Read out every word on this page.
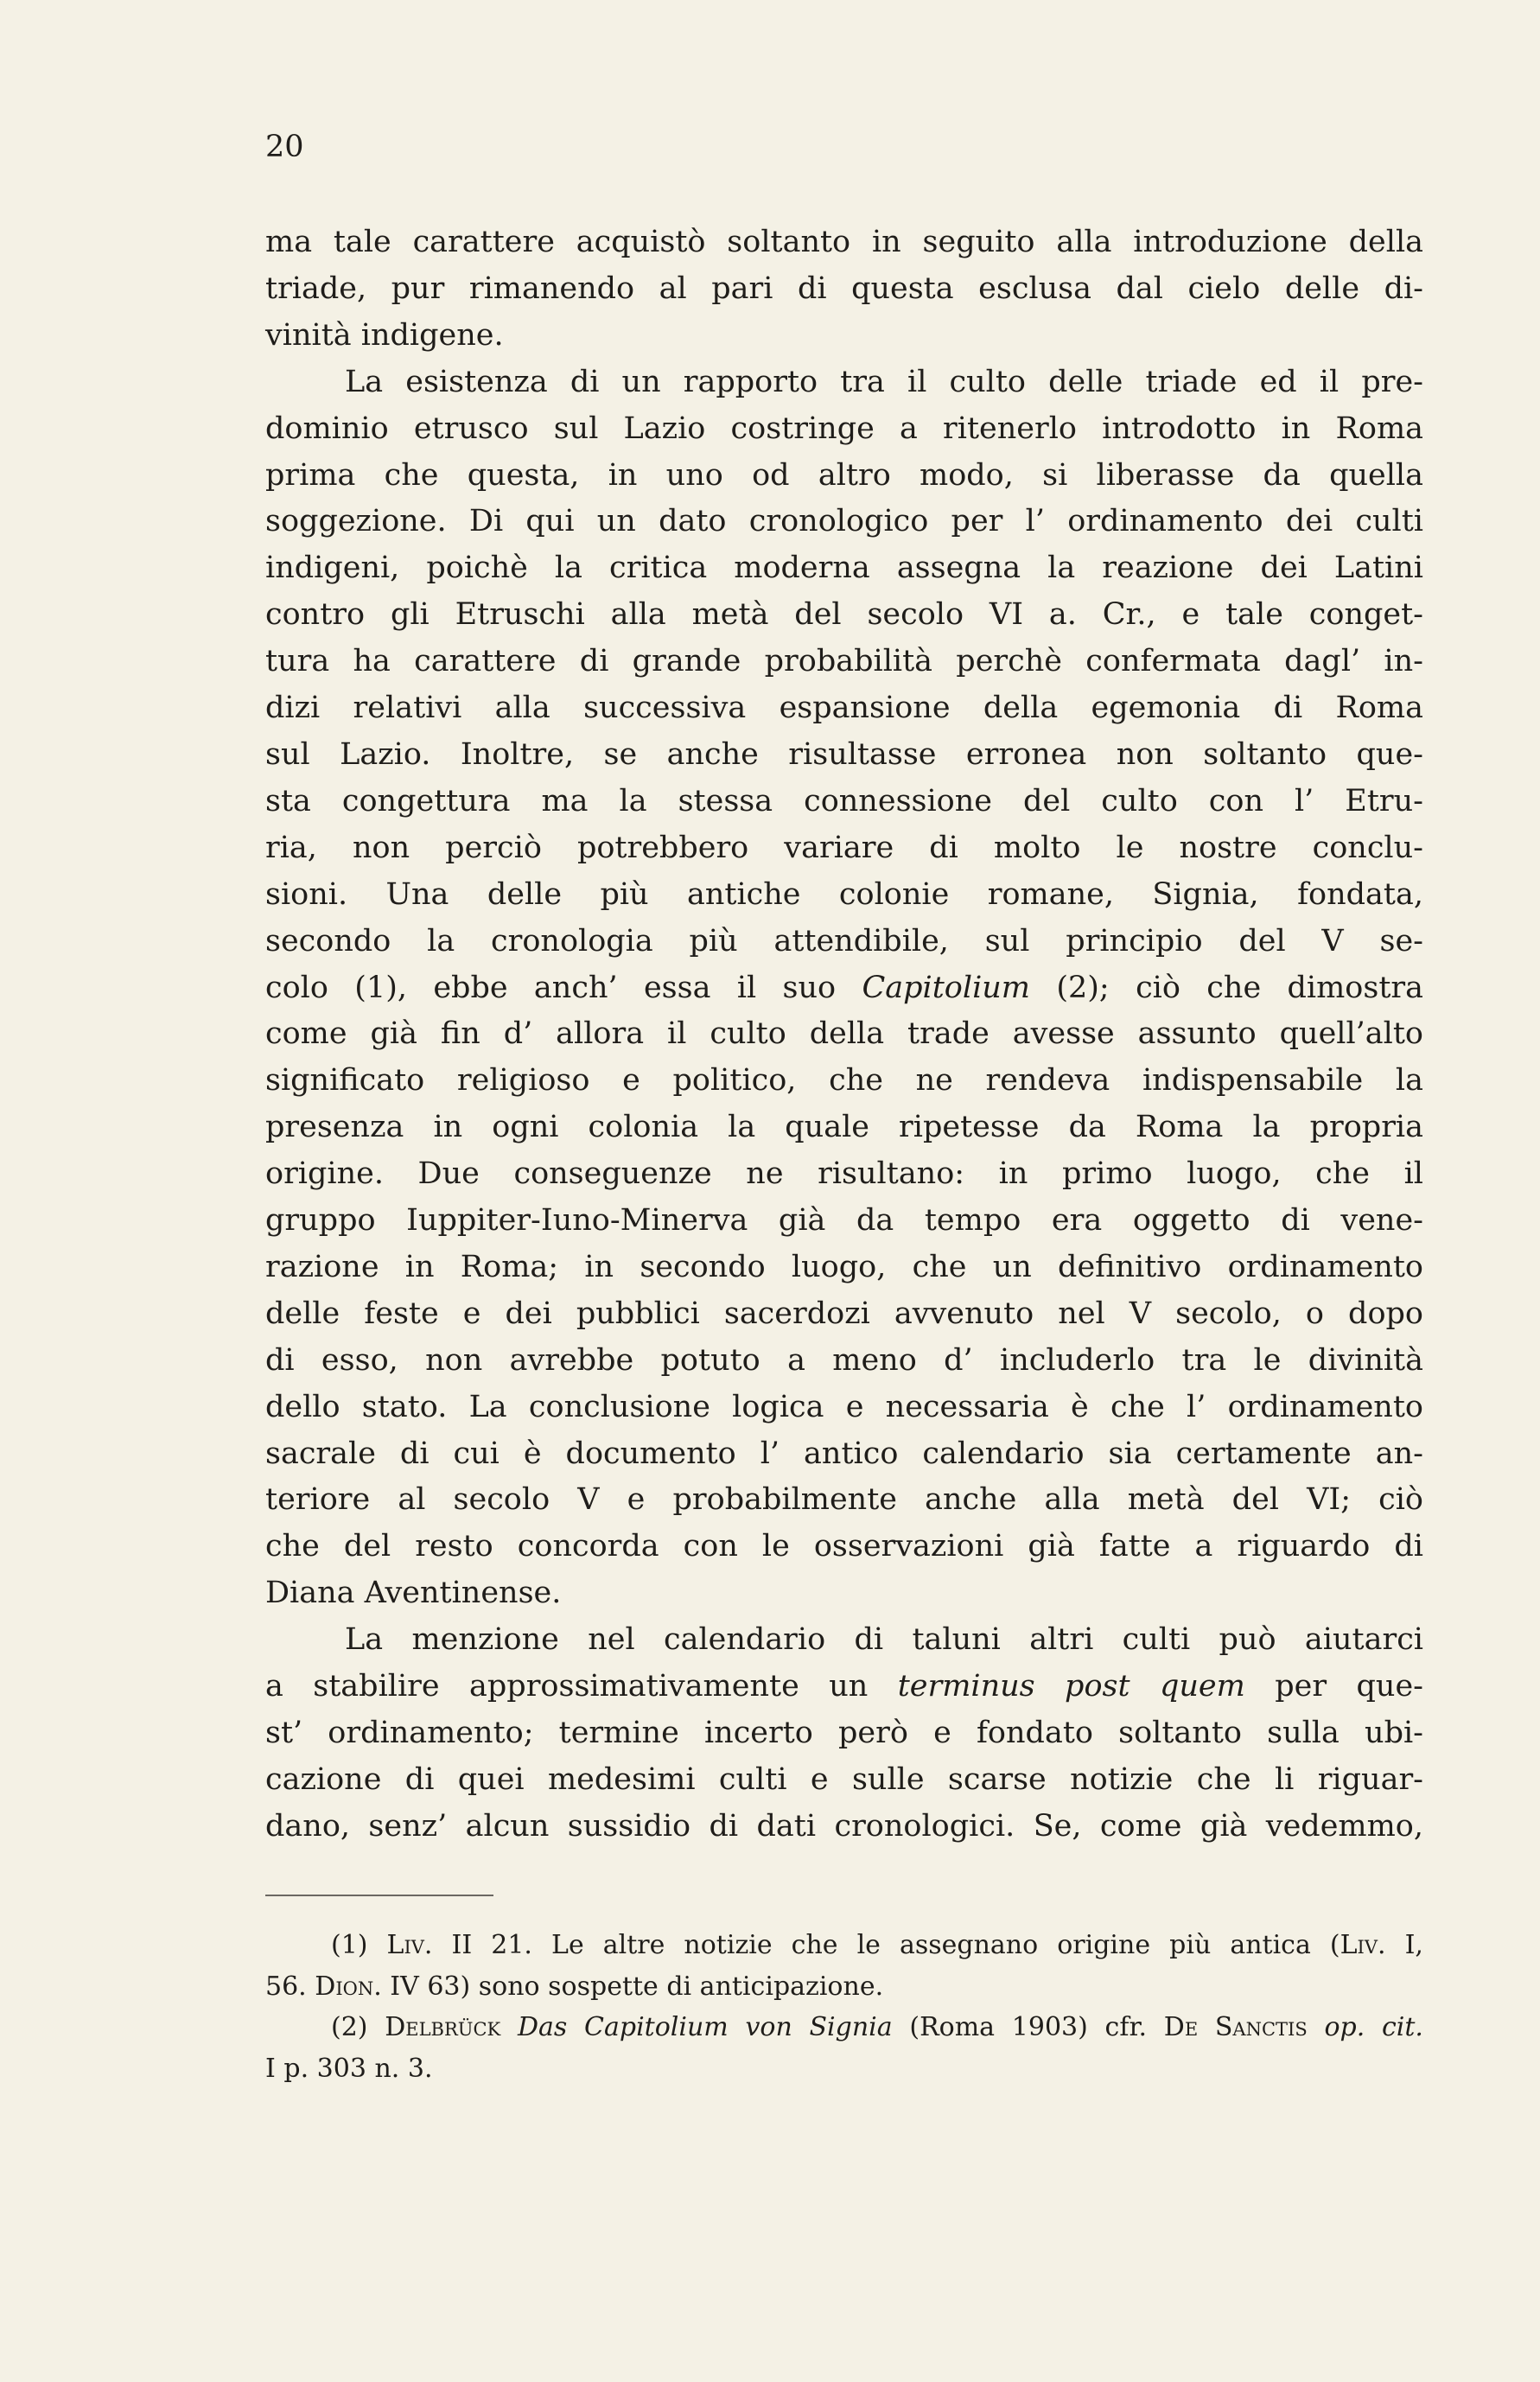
20
ma tale carattere acquistò soltanto in seguito alla introduzione della
triade, pur rimanendo al pari di questa esclusa dal cielo delle di-
vinità indigene.
La esistenza di un rapporto tra il culto delle triade ed il pre-
dominio etrusco sul Lazio costringe a ritenerlo introdotto in Roma
prima che questa, in uno od altro modo, si liberasse da quella
soggezione. Di qui un dato cronologico per l’ ordinamento dei culti
indigeni, poichè la critica moderna assegna la reazione dei Latini
contro gli Etruschi alla metà del secolo VI a. Cr., e tale conget-
tura ha carattere di grande probabilità perchè confermata dagl’ in-
dizi relativi alla successiva espansione della egemonia di Roma
sul Lazio. Inoltre, se anche risultasse erronea non soltanto que-
sta congettura ma la stessa connessione del culto con l’ Etru-
ria, non perciò potrebbero variare di molto le nostre conclu-
sioni. Una delle più antiche colonie romane, Signia, fondata,
secondo la cronologia più attendibile, sul principio del V se-
colo (1), ebbe anch’ essa il suo Capitolium (2); ciò che dimostra
come già fin d’ allora il culto della trade avesse assunto quell’alto
significato religioso e politico, che ne rendeva indispensabile la
presenza in ogni colonia la quale ripetesse da Roma la propria
origine. Due conseguenze ne risultano: in primo luogo, che il
gruppo Iuppiter-Iuno-Minerva già da tempo era oggetto di vene-
razione in Roma; in secondo luogo, che un definitivo ordinamento
delle feste e dei pubblici sacerdozi avvenuto nel V secolo, o dopo
di esso, non avrebbe potuto a meno d’ includerlo tra le divinità
dello stato. La conclusione logica e necessaria è che l’ ordinamento
sacrale di cui è documento l’ antico calendario sia certamente an-
teriore al secolo V e probabilmente anche alla metà del VI; ciò
che del resto concorda con le osservazioni già fatte a riguardo di
Diana Aventinense.
La menzione nel calendario di taluni altri culti può aiutarci
a stabilire approssimativamente un terminus post quem per que-
st’ ordinamento; termine incerto però e fondato soltanto sulla ubi-
cazione di quei medesimi culti e sulle scarse notizie che li riguar-
dano, senz’ alcun sussidio di dati cronologici. Se, come già vedemmo,
(1) Liv. II 21. Le altre notizie che le assegnano origine più antica (Liv. I,
56. Dion. IV 63) sono sospette di anticipazione.
(2) Delbrück Das Capitolium von Signia (Roma 1903) cfr. De Sanctis op. cit.
I p. 303 n. 3.
